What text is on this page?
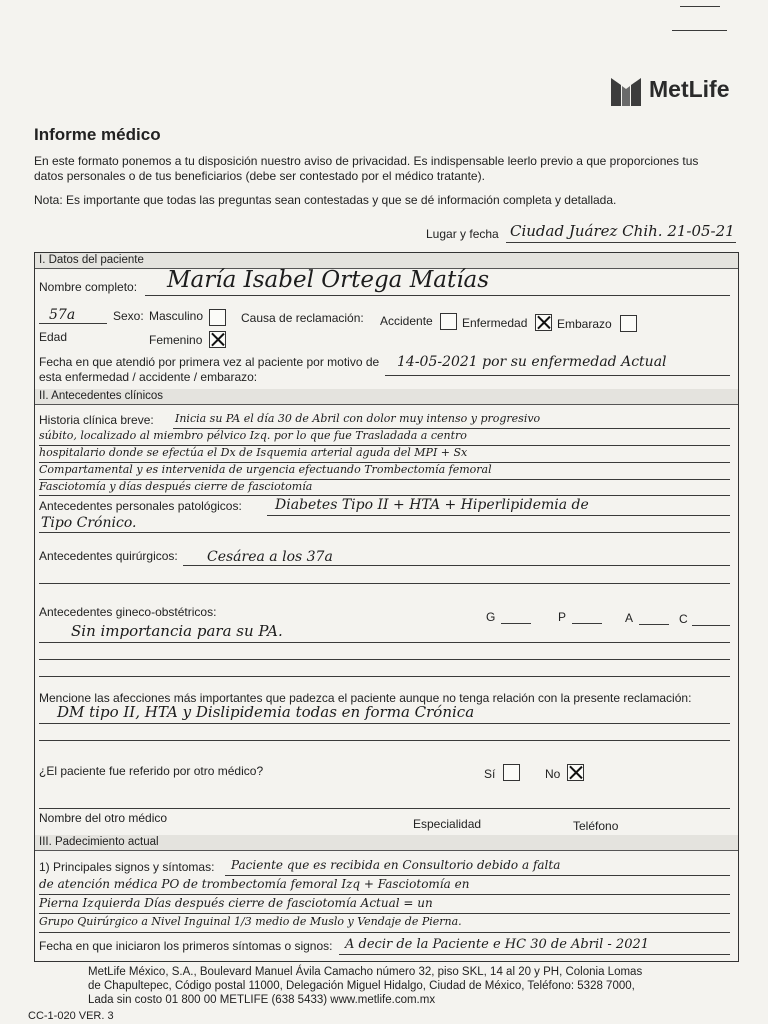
MetLife
Informe médico
En este formato ponemos a tu disposición nuestro aviso de privacidad. Es indispensable leerlo previo a que proporciones tus datos personales o de tus beneficiarios (debe ser contestado por el médico tratante).
Nota: Es importante que todas las preguntas sean contestadas y que se dé información completa y detallada.
Lugar y fecha Ciudad Juárez Chih. 21-05-21
I. Datos del paciente
Nombre completo: María Isabel Ortega Matías
57a
Edad
Sexo: Masculino
Femenino
Causa de reclamación: Accidente Enfermedad Embarazo
Fecha en que atendió por primera vez al paciente por motivo de
esta enfermedad / accidente / embarazo:
14-05-2021 por su enfermedad Actual
II. Antecedentes clínicos
Historia clínica breve: Inicia su PA el día 30 de Abril con dolor muy intenso y progresivo
súbito, localizado al miembro pélvico Izq. por lo que fue Trasladada a centro
hospitalario donde se efectúa el Dx de Isquemia arterial aguda del MPI + Sx
Compartamental y es intervenida de urgencia efectuando Trombectomía femoral
Fasciotomía y días después cierre de fasciotomía
Antecedentes personales patológicos: Diabetes Tipo II + HTA + Hiperlipidemia de
Tipo Crónico.
Antecedentes quirúrgicos: Cesárea a los 37a
Antecedentes gineco-obstétricos:	G	P	A	C
Sin importancia para su PA.
Mencione las afecciones más importantes que padezca el paciente aunque no tenga relación con la presente reclamación:
DM tipo II, HTA y Dislipidemia todas en forma Crónica
¿El paciente fue referido por otro médico?	Sí	No
Nombre del otro médico	Especialidad	Teléfono
III. Padecimiento actual
1) Principales signos y síntomas: Paciente que es recibida en Consultorio debido a falta
de atención médica PO de trombectomía femoral Izq + Fasciotomía en
Pierna Izquierda Días después cierre de fasciotomía Actual = un
Grupo Quirúrgico a Nivel Inguinal 1/3 medio de Muslo y Vendaje de Pierna.
Fecha en que iniciaron los primeros síntomas o signos: A decir de la Paciente e HC 30 de Abril - 2021
MetLife México, S.A., Boulevard Manuel Ávila Camacho número 32, piso SKL, 14 al 20 y PH, Colonia Lomas
de Chapultepec, Código postal 11000, Delegación Miguel Hidalgo, Ciudad de México, Teléfono: 5328 7000,
Lada sin costo 01 800 00 METLIFE (638 5433) www.metlife.com.mx
CC-1-020 VER. 3
